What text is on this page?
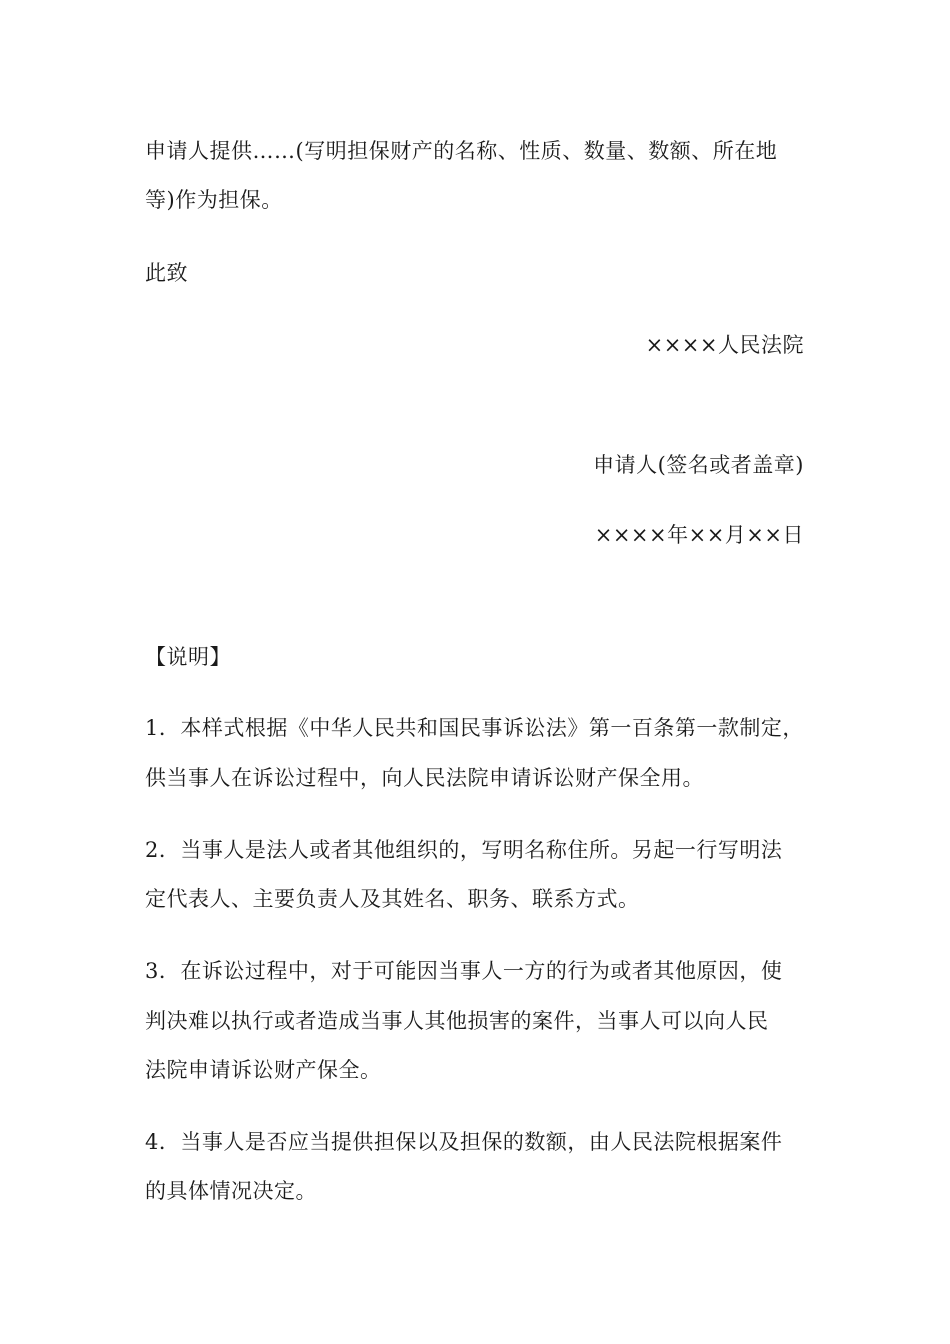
申请人提供……(写明担保财产的名称、性质、数量、数额、所在地
等)作为担保。
此致
××××人民法院
申请人(签名或者盖章)
××××年××月××日
【说明】
1．本样式根据《中华人民共和国民事诉讼法》第一百条第一款制定，
供当事人在诉讼过程中，向人民法院申请诉讼财产保全用。
2．当事人是法人或者其他组织的，写明名称住所。另起一行写明法
定代表人、主要负责人及其姓名、职务、联系方式。
3．在诉讼过程中，对于可能因当事人一方的行为或者其他原因，使
判决难以执行或者造成当事人其他损害的案件，当事人可以向人民
法院申请诉讼财产保全。
4．当事人是否应当提供担保以及担保的数额，由人民法院根据案件
的具体情况决定。
